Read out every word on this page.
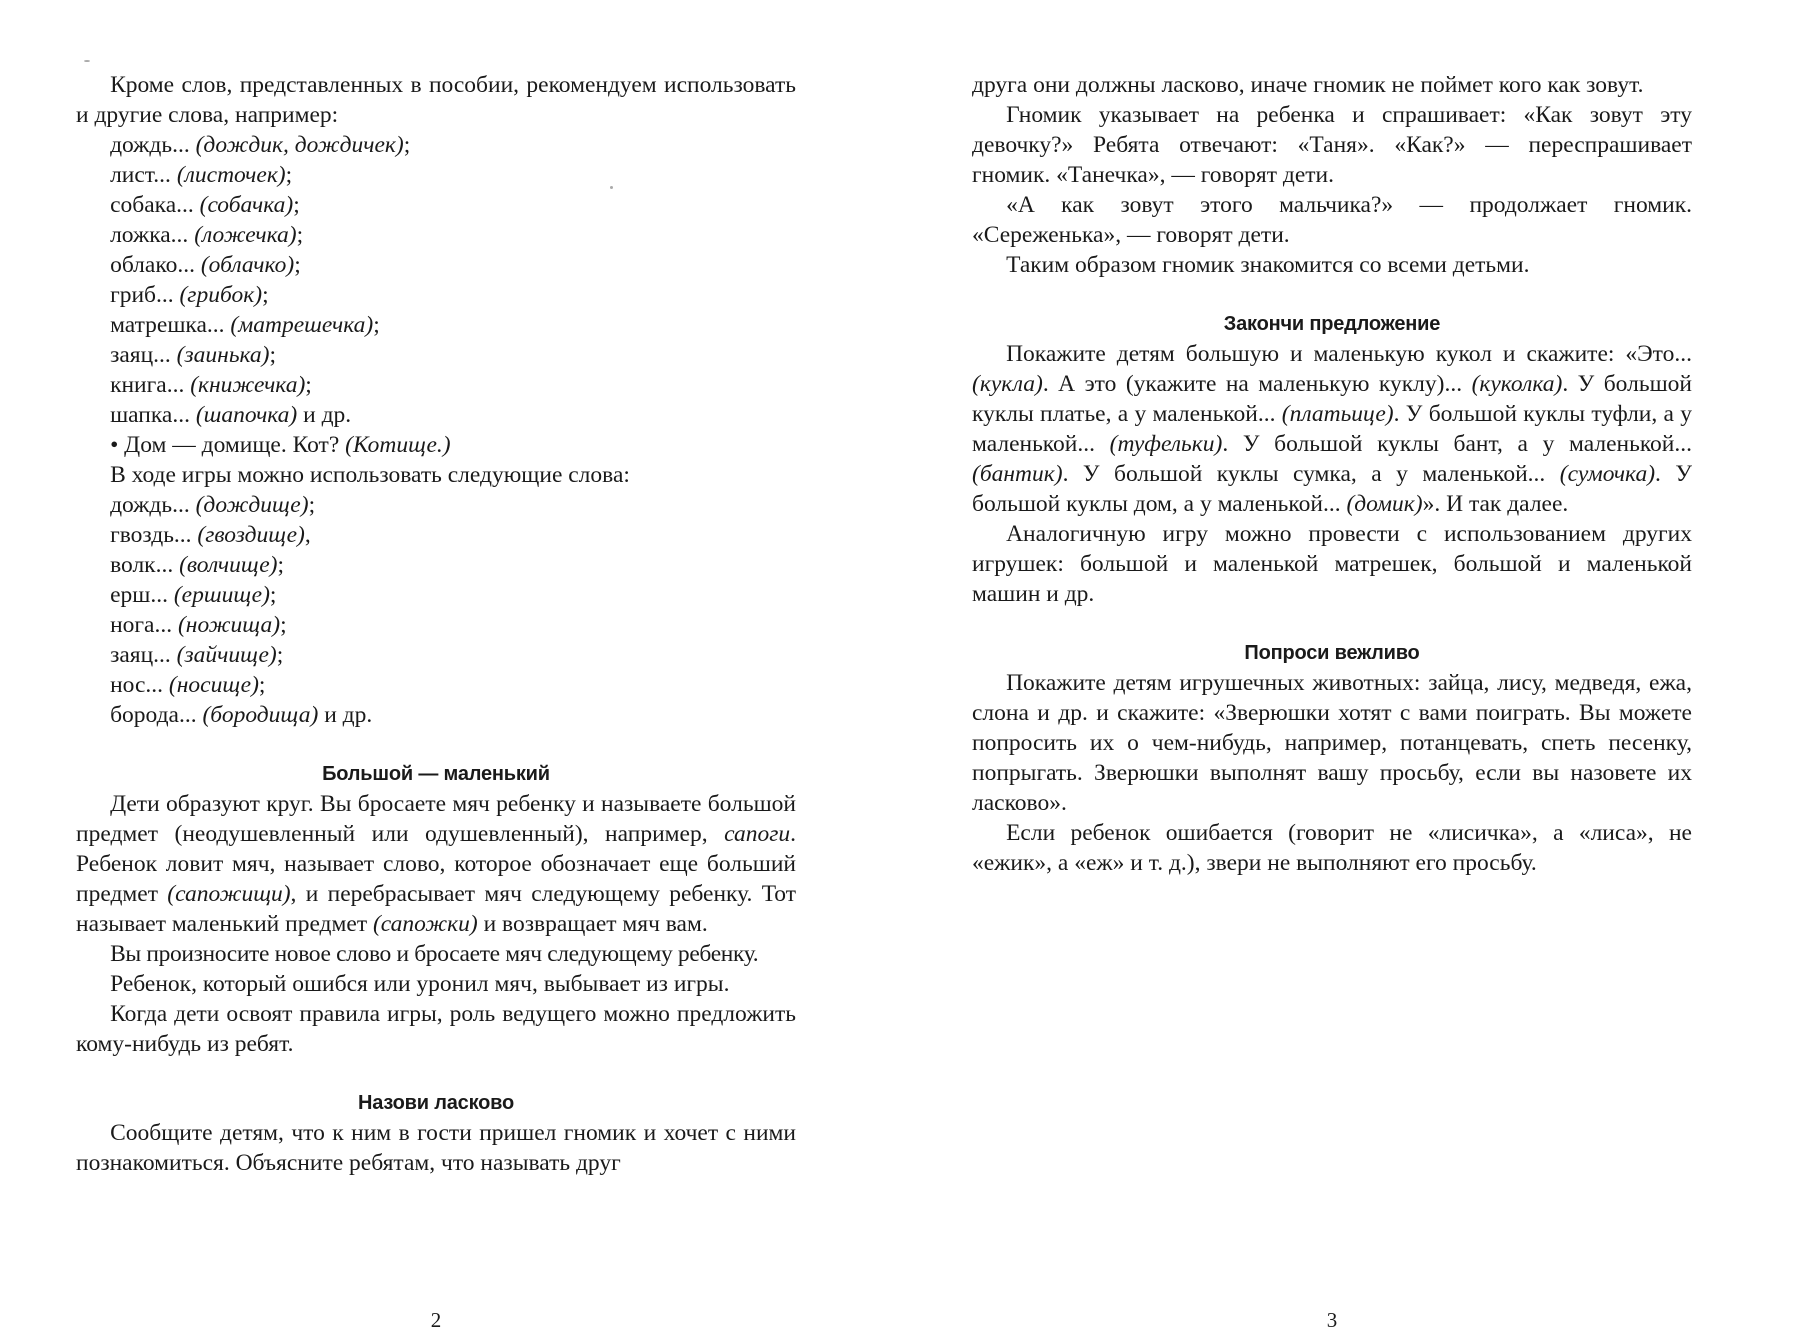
Кроме слов, представленных в пособии, рекомендуем использовать и другие слова, например:

дождь... (дождик, дождичек);

лист... (листочек);

собака... (собачка);

ложка... (ложечка);

облако... (облачко);

гриб... (грибок);

матрешка... (матрешечка);

заяц... (заинька);

книга... (книжечка);

шапка... (шапочка) и др.

• Дом — домище. Кот? (Котище.)

В ходе игры можно использовать следующие слова:

дождь... (дождище);

гвоздь... (гвоздище),

волк... (волчище);

ерш... (ершище);

нога... (ножища);

заяц... (зайчище);

нос... (носище);

борода... (бородища) и др.

Большой — маленький

Дети образуют круг. Вы бросаете мяч ребенку и называете большой предмет (неодушевленный или одушевленный), например, сапоги. Ребенок ловит мяч, называет слово, которое обозначает еще больший предмет (сапожищи), и перебрасывает мяч следующему ребенку. Тот называет маленький предмет (сапожки) и возвращает мяч вам.

Вы произносите новое слово и бросаете мяч следующему ребенку.

Ребенок, который ошибся или уронил мяч, выбывает из игры.

Когда дети освоят правила игры, роль ведущего можно предложить кому-нибудь из ребят.

Назови ласково

Сообщите детям, что к ним в гости пришел гномик и хочет с ними познакомиться. Объясните ребятам, что называть друг

2

друга они должны ласково, иначе гномик не поймет кого как зовут.

Гномик указывает на ребенка и спрашивает: «Как зовут эту девочку?» Ребята отвечают: «Таня». «Как?» — переспрашивает гномик. «Танечка», — говорят дети.

«А как зовут этого мальчика?» — продолжает гномик. «Сереженька», — говорят дети.

Таким образом гномик знакомится со всеми детьми.

Закончи предложение

Покажите детям большую и маленькую кукол и скажите: «Это... (кукла). А это (укажите на маленькую куклу)... (куколка). У большой куклы платье, а у маленькой... (платьице). У большой куклы туфли, а у маленькой... (туфельки). У большой куклы бант, а у маленькой... (бантик). У большой куклы сумка, а у маленькой... (сумочка). У большой куклы дом, а у маленькой... (домик)». И так далее.

Аналогичную игру можно провести с использованием других игрушек: большой и маленькой матрешек, большой и маленькой машин и др.

Попроси вежливо

Покажите детям игрушечных животных: зайца, лису, медведя, ежа, слона и др. и скажите: «Зверюшки хотят с вами поиграть. Вы можете попросить их о чем-нибудь, например, потанцевать, спеть песенку, попрыгать. Зверюшки выполнят вашу просьбу, если вы назовете их ласково».

Если ребенок ошибается (говорит не «лисичка», а «лиса», не «ежик», а «еж» и т. д.), звери не выполняют его просьбу.

3
